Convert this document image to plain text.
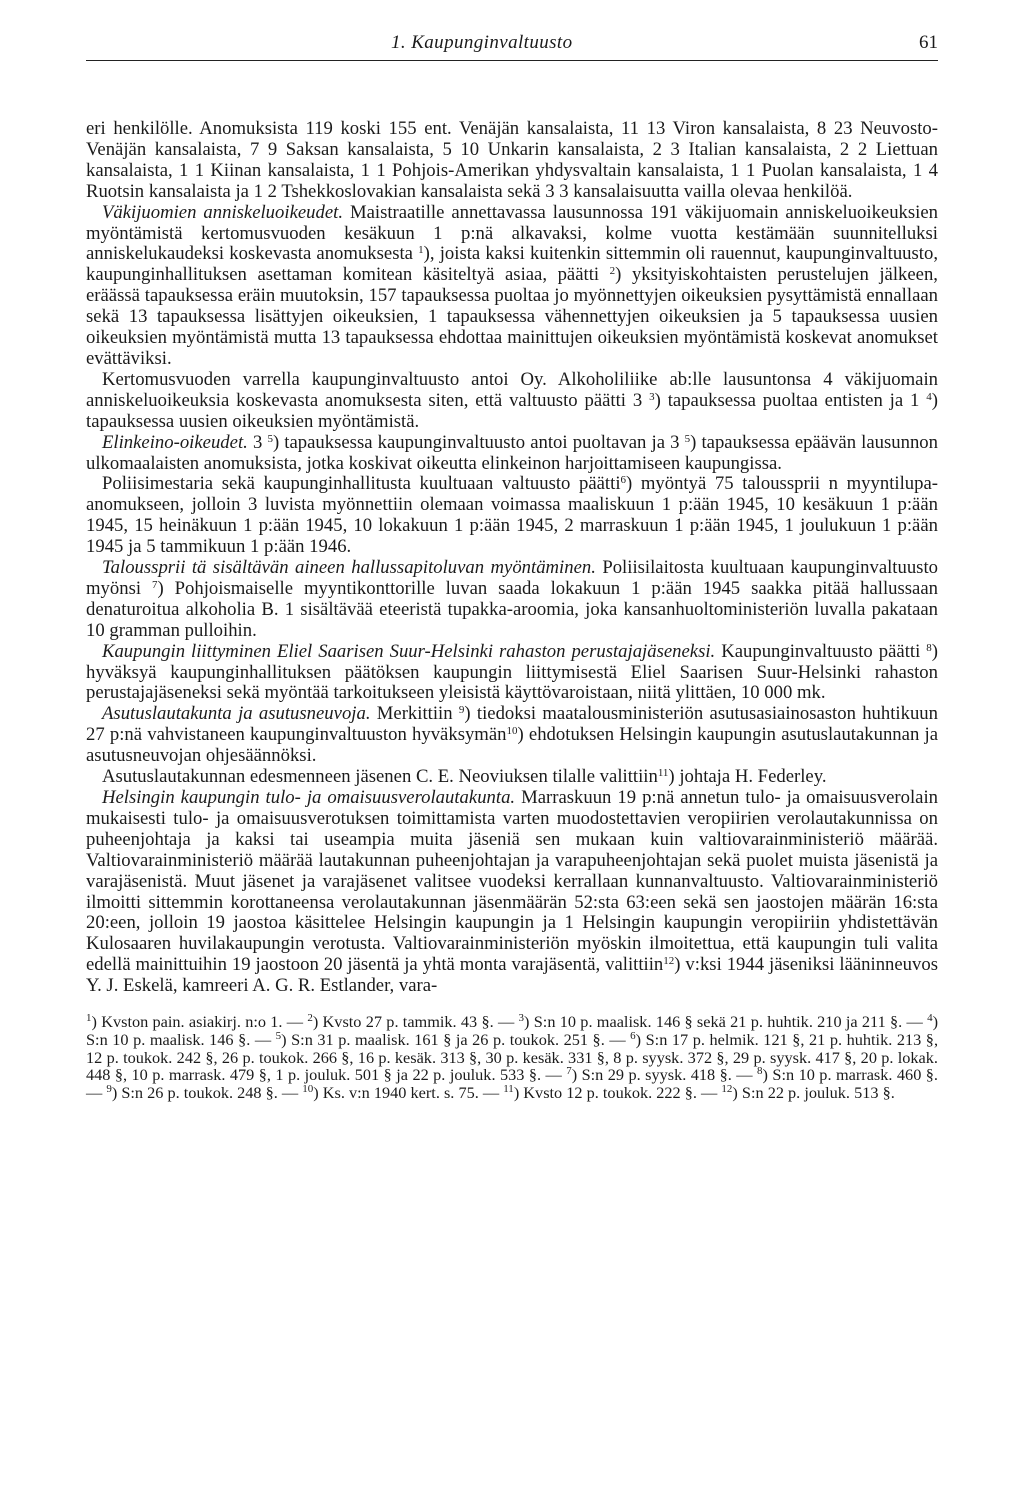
1. Kaupunginvaltuusto	61

eri henkilölle. Anomuksista 119 koski 155 ent. Venäjän kansalaista, 11 13 Viron kansalaista, 8 23 Neuvosto-Venäjän kansalaista, 7 9 Saksan kansalaista, 5 10 Unkarin kansalaista, 2 3 Italian kansalaista, 2 2 Liettuan kansalaista, 1 1 Kiinan kansalaista, 1 1 Pohjois-Amerikan yhdysvaltain kansalaista, 1 1 Puolan kansalaista, 1 4 Ruotsin kansalaista ja 1 2 Tshekkoslovakian kansalaista sekä 3 3 kansalaisuutta vailla olevaa henkilöä.

Väkijuomien anniskeluoikeudet. Maistraatille annettavassa lausunnossa 191 väkijuomain anniskeluoikeuksien myöntämistä kertomusvuoden kesäkuun 1 p:nä alkavaksi, kolme vuotta kestämään suunnitelluksi anniskelukaudeksi koskevasta anomuksesta $^1$), joista kaksi kuitenkin sittemmin oli rauennut, kaupunginvaltuusto, kaupunginhallituksen asettaman komitean käsiteltyä asiaa, päätti $^2$) yksityiskohtaisten perustelujen jälkeen, eräässä tapauksessa eräin muutoksin, 157 tapauksessa puoltaa jo myönnettyjen oikeuksien pysyttämistä ennallaan sekä 13 tapauksessa lisättyjen oikeuksien, 1 tapauksessa vähennettyjen oikeuksien ja 5 tapauksessa uusien oikeuksien myöntämistä mutta 13 tapauksessa ehdottaa mainittujen oikeuksien myöntämistä koskevat anomukset evättäviksi.

Kertomusvuoden varrella kaupunginvaltuusto antoi Oy. Alkoholiliike ab:lle lausuntonsa 4 väkijuomain anniskeluoikeuksia koskevasta anomuksesta siten, että valtuusto päätti 3 $^3$) tapauksessa puoltaa entisten ja 1 $^4$) tapauksessa uusien oikeuksien myöntämistä.

Elinkeino-oikeudet. 3 $^5$) tapauksessa kaupunginvaltuusto antoi puoltavan ja 3 $^5$) tapauksessa epäävän lausunnon ulkomaalaisten anomuksista, jotka koskivat oikeutta elinkeinon harjoittamiseen kaupungissa.

Poliisimestaria sekä kaupunginhallitusta kuultuaan valtuusto päätti$^6$) myöntyä 75 taloussprii n myyntilupa-anomukseen, jolloin 3 luvista myönnettiin olemaan voimassa maaliskuun 1 p:ään 1945, 10 kesäkuun 1 p:ään 1945, 15 heinäkuun 1 p:ään 1945, 10 lokakuun 1 p:ään 1945, 2 marraskuun 1 p:ään 1945, 1 joulukuun 1 p:ään 1945 ja 5 tammikuun 1 p:ään 1946.

Taloussprii tä sisältävän aineen hallussapitoluvan myöntäminen. Poliisilaitosta kuultuaan kaupunginvaltuusto myönsi $^7$) Pohjoismaiselle myyntikonttorille luvan saada lokakuun 1 p:ään 1945 saakka pitää hallussaan denaturoitua alkoholia B. 1 sisältävää eteeristä tupakka-aroomia, joka kansanhuoltoministeriön luvalla pakataan 10 gramman pulloihin.

Kaupungin liittyminen Eliel Saarisen Suur-Helsinki rahaston perustajajäseneksi. Kaupunginvaltuusto päätti $^8$) hyväksyä kaupunginhallituksen päätöksen kaupungin liittymisestä Eliel Saarisen Suur-Helsinki rahaston perustajajäseneksi sekä myöntää tarkoitukseen yleisistä käyttövaroistaan, niitä ylittäen, 10 000 mk.

Asutuslautakunta ja asutusneuvoja. Merkittiin $^9$) tiedoksi maatalousministeriön asutusasiainosaston huhtikuun 27 p:nä vahvistaneen kaupunginvaltuuston hyväksymän$^{10}$) ehdotuksen Helsingin kaupungin asutuslautakunnan ja asutusneuvojan ohjesäännöksi.

Asutuslautakunnan edesmenneen jäsenen C. E. Neoviuksen tilalle valittiin$^{11}$) johtaja H. Federley.

Helsingin kaupungin tulo- ja omaisuusverolautakunta. Marraskuun 19 p:nä annetun tulo- ja omaisuusverolain mukaisesti tulo- ja omaisuusverotuksen toimittamista varten muodostettavien veropiirien verolautakunnissa on puheenjohtaja ja kaksi tai useampia muita jäseniä sen mukaan kuin valtiovarainministeriö määrää. Valtiovarainministeriö määrää lautakunnan puheenjohtajan ja varapuheenjohtajan sekä puolet muista jäsenistä ja varajäsenistä. Muut jäsenet ja varajäsenet valitsee vuodeksi kerrallaan kunnanvaltuusto. Valtiovarainministeriö ilmoitti sittemmin korottaneensa verolautakunnan jäsenmäärän 52:sta 63:een sekä sen jaostojen määrän 16:sta 20:een, jolloin 19 jaostoa käsittelee Helsingin kaupungin ja 1 Helsingin kaupungin veropiiriin yhdistettävän Kulosaaren huvilakaupungin verotusta. Valtiovarainministeriön myöskin ilmoitettua, että kaupungin tuli valita edellä mainittuihin 19 jaostoon 20 jäsentä ja yhtä monta varajäsentä, valittiin$^{12}$) v:ksi 1944 jäseniksi lääninneuvos Y. J. Eskelä, kamreeri A. G. R. Estlander, vara-

$^1$) Kvston pain. asiakirj. n:o 1. — $^2$) Kvsto 27 p. tammik. 43 §. — $^3$) S:n 10 p. maalisk. 146 § sekä 21 p. huhtik. 210 ja 211 §. — $^4$) S:n 10 p. maalisk. 146 §. — $^5$) S:n 31 p. maalisk. 161 § ja 26 p. toukok. 251 §. — $^6$) S:n 17 p. helmik. 121 §, 21 p. huhtik. 213 §, 12 p. toukok. 242 §, 26 p. toukok. 266 §, 16 p. kesäk. 313 §, 30 p. kesäk. 331 §, 8 p. syysk. 372 §, 29 p. syysk. 417 §, 20 p. lokak. 448 §, 10 p. marrask. 479 §, 1 p. jouluk. 501 § ja 22 p. jouluk. 533 §. — $^7$) S:n 29 p. syysk. 418 §. — $^8$) S:n 10 p. marrask. 460 §. — $^9$) S:n 26 p. toukok. 248 §. — $^{10}$) Ks. v:n 1940 kert. s. 75. — $^{11}$) Kvsto 12 p. toukok. 222 §. — $^{12}$) S:n 22 p. jouluk. 513 §.
